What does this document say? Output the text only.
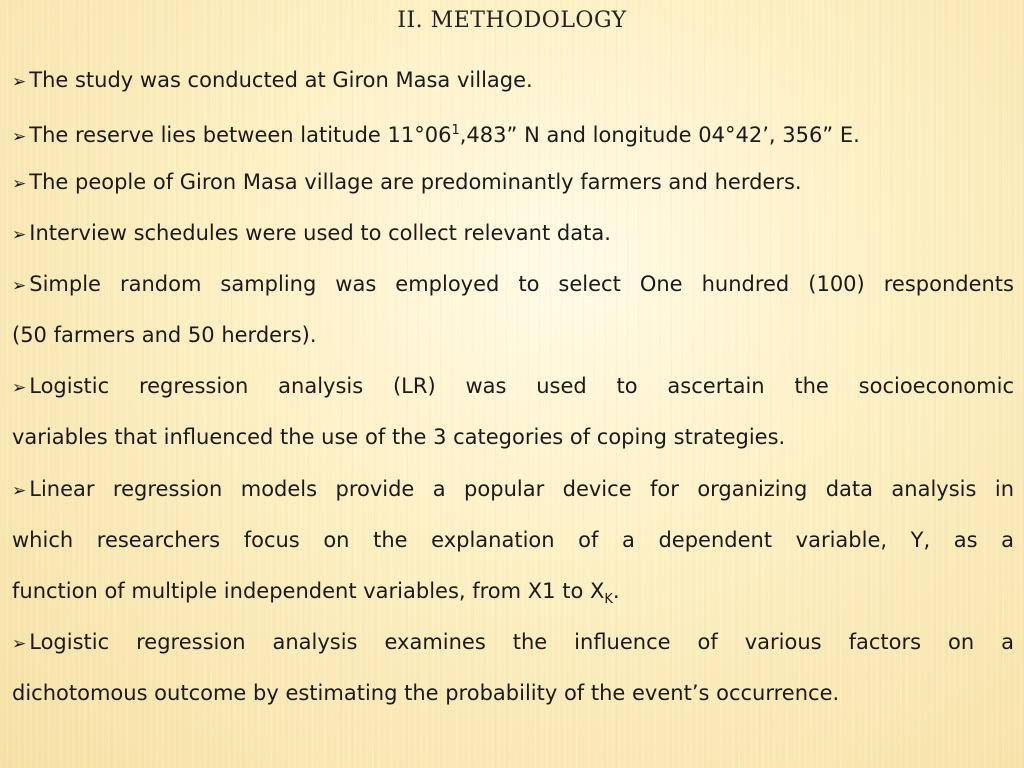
II. METHODOLOGY
➢ The study was conducted at Giron Masa village.
➢ The reserve lies between latitude $11^\circ 06^1,483$” N and longitude 04°42’, 356” E.
➢ The people of Giron Masa village are predominantly farmers and herders.
➢ Interview schedules were used to collect relevant data.
➢ Simple random sampling was employed to select One hundred (100) respondents
(50 farmers and 50 herders).
➢ Logistic regression analysis (LR) was used to ascertain the socioeconomic
variables that influenced the use of the 3 categories of coping strategies.
➢ Linear regression models provide a popular device for organizing data analysis in
which researchers focus on the explanation of a dependent variable, Y, as a
function of multiple independent variables, from X1 to $X_K$.
➢ Logistic regression analysis examines the influence of various factors on a
dichotomous outcome by estimating the probability of the event’s occurrence.
